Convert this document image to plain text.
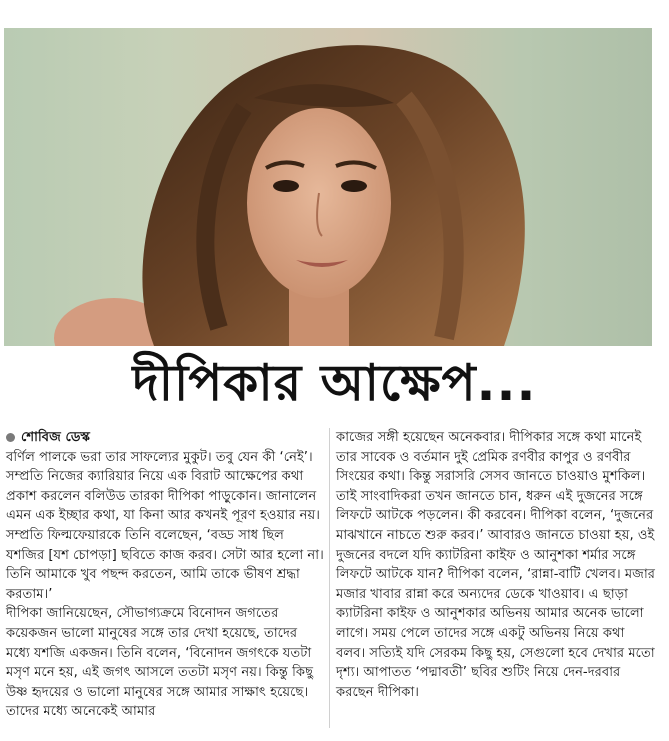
দীপিকার আক্ষেপ...
শোবিজ ডেস্ক

বর্ণিল পালকে ভরা তার সাফল্যের মুকুট। তবু যেন কী ‘নেই’। সম্প্রতি নিজের ক্যারিয়ার নিয়ে এক বিরাট আক্ষেপের কথা প্রকাশ করলেন বলিউড তারকা দীপিকা পাড়ুকোন। জানালেন এমন এক ইচ্ছার কথা, যা কিনা আর কখনই পূরণ হওয়ার নয়।

সম্প্রতি ফিল্মফেয়ারকে তিনি বলেছেন, ‘বড্ড সাধ ছিল যশজির [যশ চোপড়া] ছবিতে কাজ করব। সেটা আর হলো না। তিনি আমাকে খুব পছন্দ করতেন, আমি তাকে ভীষণ শ্রদ্ধা করতাম।’

দীপিকা জানিয়েছেন, সৌভাগ্যক্রমে বিনোদন জগতের কয়েকজন ভালো মানুষের সঙ্গে তার দেখা হয়েছে, তাদের মধ্যে যশজি একজন। তিনি বলেন, ‘বিনোদন জগৎকে যতটা মসৃণ মনে হয়, এই জগৎ আসলে ততটা মসৃণ নয়। কিন্তু কিছু উষ্ণ হৃদয়ের ও ভালো মানুষের সঙ্গে আমার সাক্ষাৎ হয়েছে। তাদের মধ্যে অনেকেই আমার

কাজের সঙ্গী হয়েছেন অনেকবার। দীপিকার সঙ্গে কথা মানেই তার সাবেক ও বর্তমান দুই প্রেমিক রণবীর কাপুর ও রণবীর সিংয়ের কথা। কিন্তু সরাসরি সেসব জানতে চাওয়াও মুশকিল। তাই সাংবাদিকরা তখন জানতে চান, ধরুন এই দুজনের সঙ্গে লিফটে আটকে পড়লেন। কী করবেন। দীপিকা বলেন, ‘দুজনের মাঝখানে নাচতে শুরু করব।’ আবারও জানতে চাওয়া হয়, ওই দুজনের বদলে যদি ক্যাটরিনা কাইফ ও আনুশকা শর্মার সঙ্গে লিফটে আটকে যান? দীপিকা বলেন, ‘রান্না-বাটি খেলব। মজার মজার খাবার রান্না করে অন্যদের ডেকে খাওয়াব। এ ছাড়া ক্যাটরিনা কাইফ ও আনুশকার অভিনয় আমার অনেক ভালো লাগে। সময় পেলে তাদের সঙ্গে একটু অভিনয় নিয়ে কথা বলব। সত্যিই যদি সেরকম কিছু হয়, সেগুলো হবে দেখার মতো দৃশ্য। আপাতত ‘পদ্মাবতী’ ছবির শুটিং নিয়ে দেন-দরবার করছেন দীপিকা।
